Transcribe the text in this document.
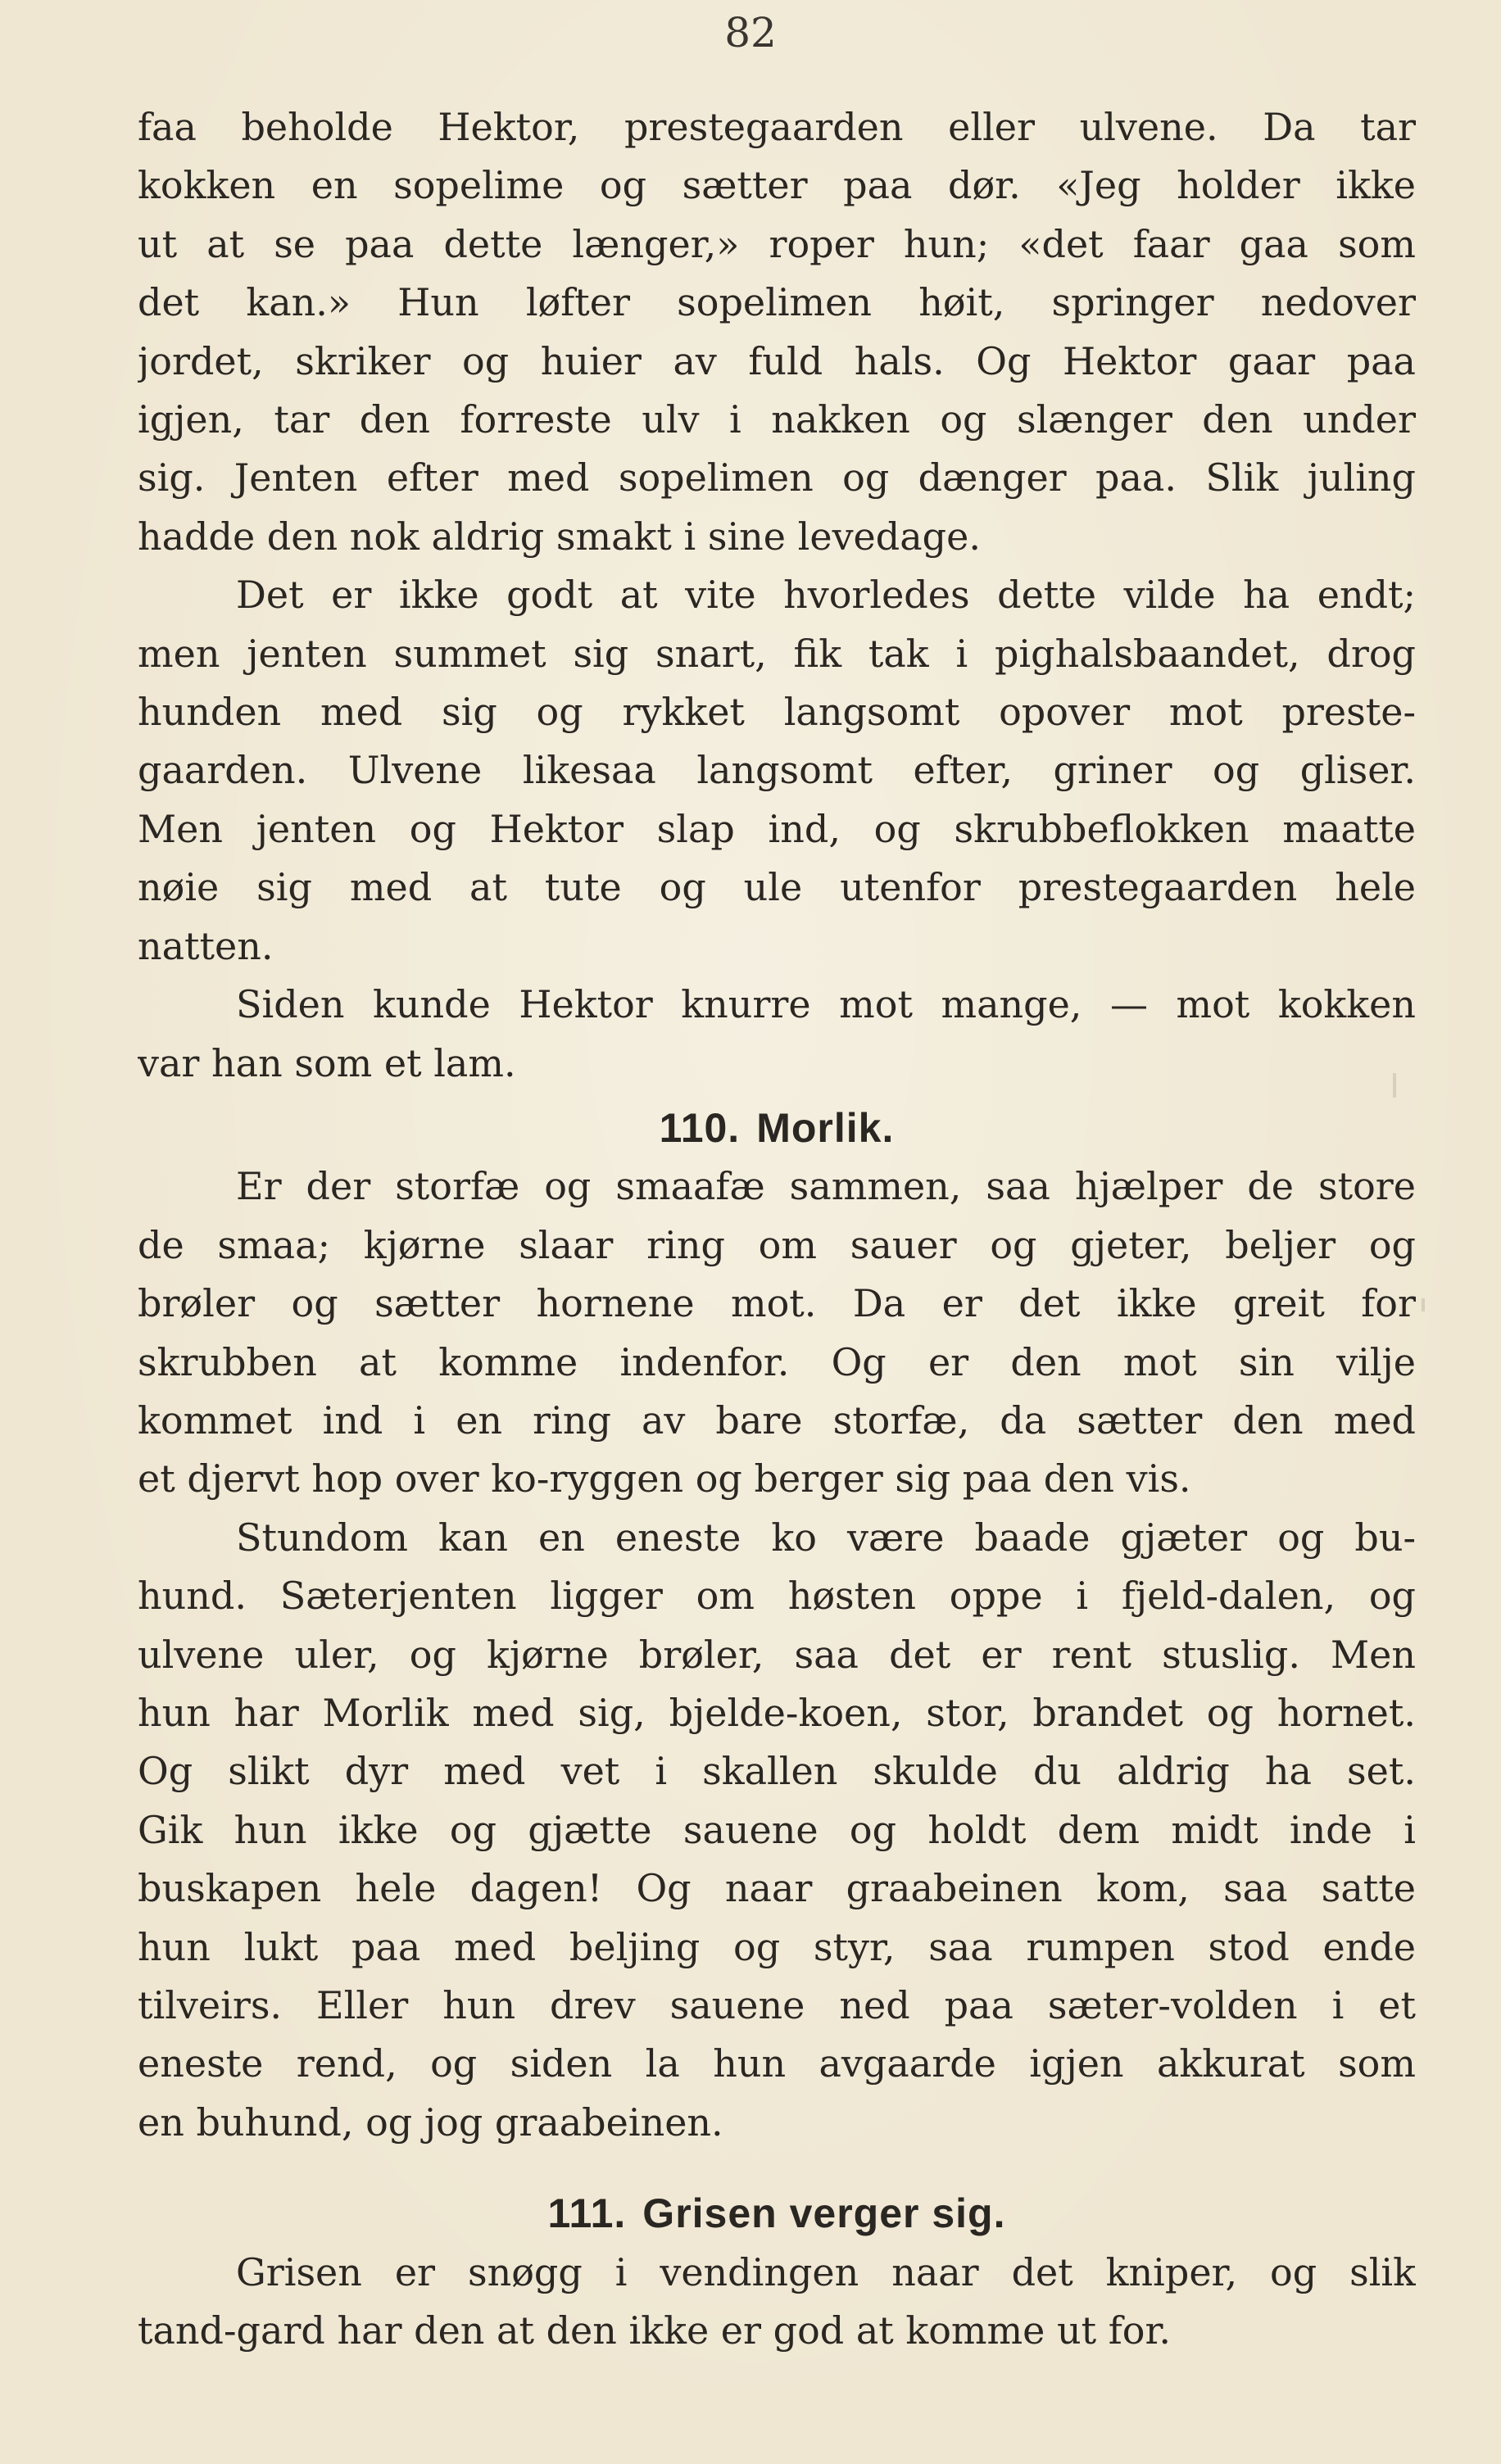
82

faa beholde Hektor, prestegaarden eller ulvene. Da tar

kokken en sopelime og sætter paa dør. «Jeg holder ikke

ut at se paa dette længer,» roper hun; «det faar gaa som

det kan.» Hun løfter sopelimen høit, springer nedover

jordet, skriker og huier av fuld hals. Og Hektor gaar paa

igjen, tar den forreste ulv i nakken og slænger den under

sig. Jenten efter med sopelimen og dænger paa. Slik juling

hadde den nok aldrig smakt i sine levedage.

Det er ikke godt at vite hvorledes dette vilde ha endt;

men jenten summet sig snart, fik tak i pighalsbaandet, drog

hunden med sig og rykket langsomt opover mot preste-

gaarden. Ulvene likesaa langsomt efter, griner og gliser.

Men jenten og Hektor slap ind, og skrubbeflokken maatte

nøie sig med at tute og ule utenfor prestegaarden hele

natten.

Siden kunde Hektor knurre mot mange, — mot kokken

var han som et lam.

110. Morlik.

Er der storfæ og smaafæ sammen, saa hjælper de store

de smaa; kjørne slaar ring om sauer og gjeter, beljer og

brøler og sætter hornene mot. Da er det ikke greit for

skrubben at komme indenfor. Og er den mot sin vilje

kommet ind i en ring av bare storfæ, da sætter den med

et djervt hop over ko-ryggen og berger sig paa den vis.

Stundom kan en eneste ko være baade gjæter og bu-

hund. Sæterjenten ligger om høsten oppe i fjeld-dalen, og

ulvene uler, og kjørne brøler, saa det er rent stuslig. Men

hun har Morlik med sig, bjelde-koen, stor, brandet og hornet.

Og slikt dyr med vet i skallen skulde du aldrig ha set.

Gik hun ikke og gjætte sauene og holdt dem midt inde i

buskapen hele dagen! Og naar graabeinen kom, saa satte

hun lukt paa med beljing og styr, saa rumpen stod ende

tilveirs. Eller hun drev sauene ned paa sæter-volden i et

eneste rend, og siden la hun avgaarde igjen akkurat som

en buhund, og jog graabeinen.

111. Grisen verger sig.

Grisen er snøgg i vendingen naar det kniper, og slik

tand-gard har den at den ikke er god at komme ut for.
